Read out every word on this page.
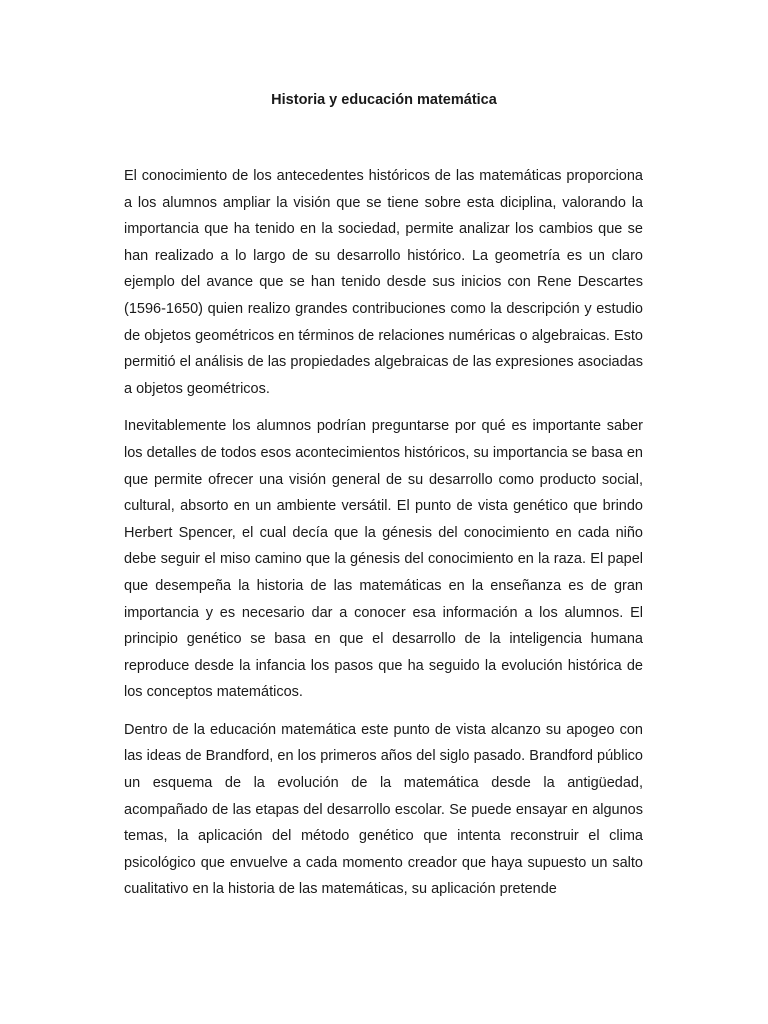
Historia y educación matemática

El conocimiento de los antecedentes históricos de las matemáticas proporciona a los alumnos ampliar la visión que se tiene sobre esta diciplina, valorando la importancia que ha tenido en la sociedad, permite analizar los cambios que se han realizado a lo largo de su desarrollo histórico. La geometría es un claro ejemplo del avance que se han tenido desde sus inicios con Rene Descartes (1596-1650) quien realizo grandes contribuciones como la descripción y estudio de objetos geométricos en términos de relaciones numéricas o algebraicas. Esto permitió el análisis de las propiedades algebraicas de las expresiones asociadas a objetos geométricos.

Inevitablemente los alumnos podrían preguntarse por qué es importante saber los detalles de todos esos acontecimientos históricos, su importancia se basa en que permite ofrecer una visión general de su desarrollo como producto social, cultural, absorto en un ambiente versátil. El punto de vista genético que brindo Herbert Spencer, el cual decía que la génesis del conocimiento en cada niño debe seguir el miso camino que la génesis del conocimiento en la raza. El papel que desempeña la historia de las matemáticas en la enseñanza es de gran importancia y es necesario dar a conocer esa información a los alumnos. El principio genético se basa en que el desarrollo de la inteligencia humana reproduce desde la infancia los pasos que ha seguido la evolución histórica de los conceptos matemáticos.

Dentro de la educación matemática este punto de vista alcanzo su apogeo con las ideas de Brandford, en los primeros años del siglo pasado. Brandford público un esquema de la evolución de la matemática desde la antigüedad, acompañado de las etapas del desarrollo escolar. Se puede ensayar en algunos temas, la aplicación del método genético que intenta reconstruir el clima psicológico que envuelve a cada momento creador que haya supuesto un salto cualitativo en la historia de las matemáticas, su aplicación pretende
